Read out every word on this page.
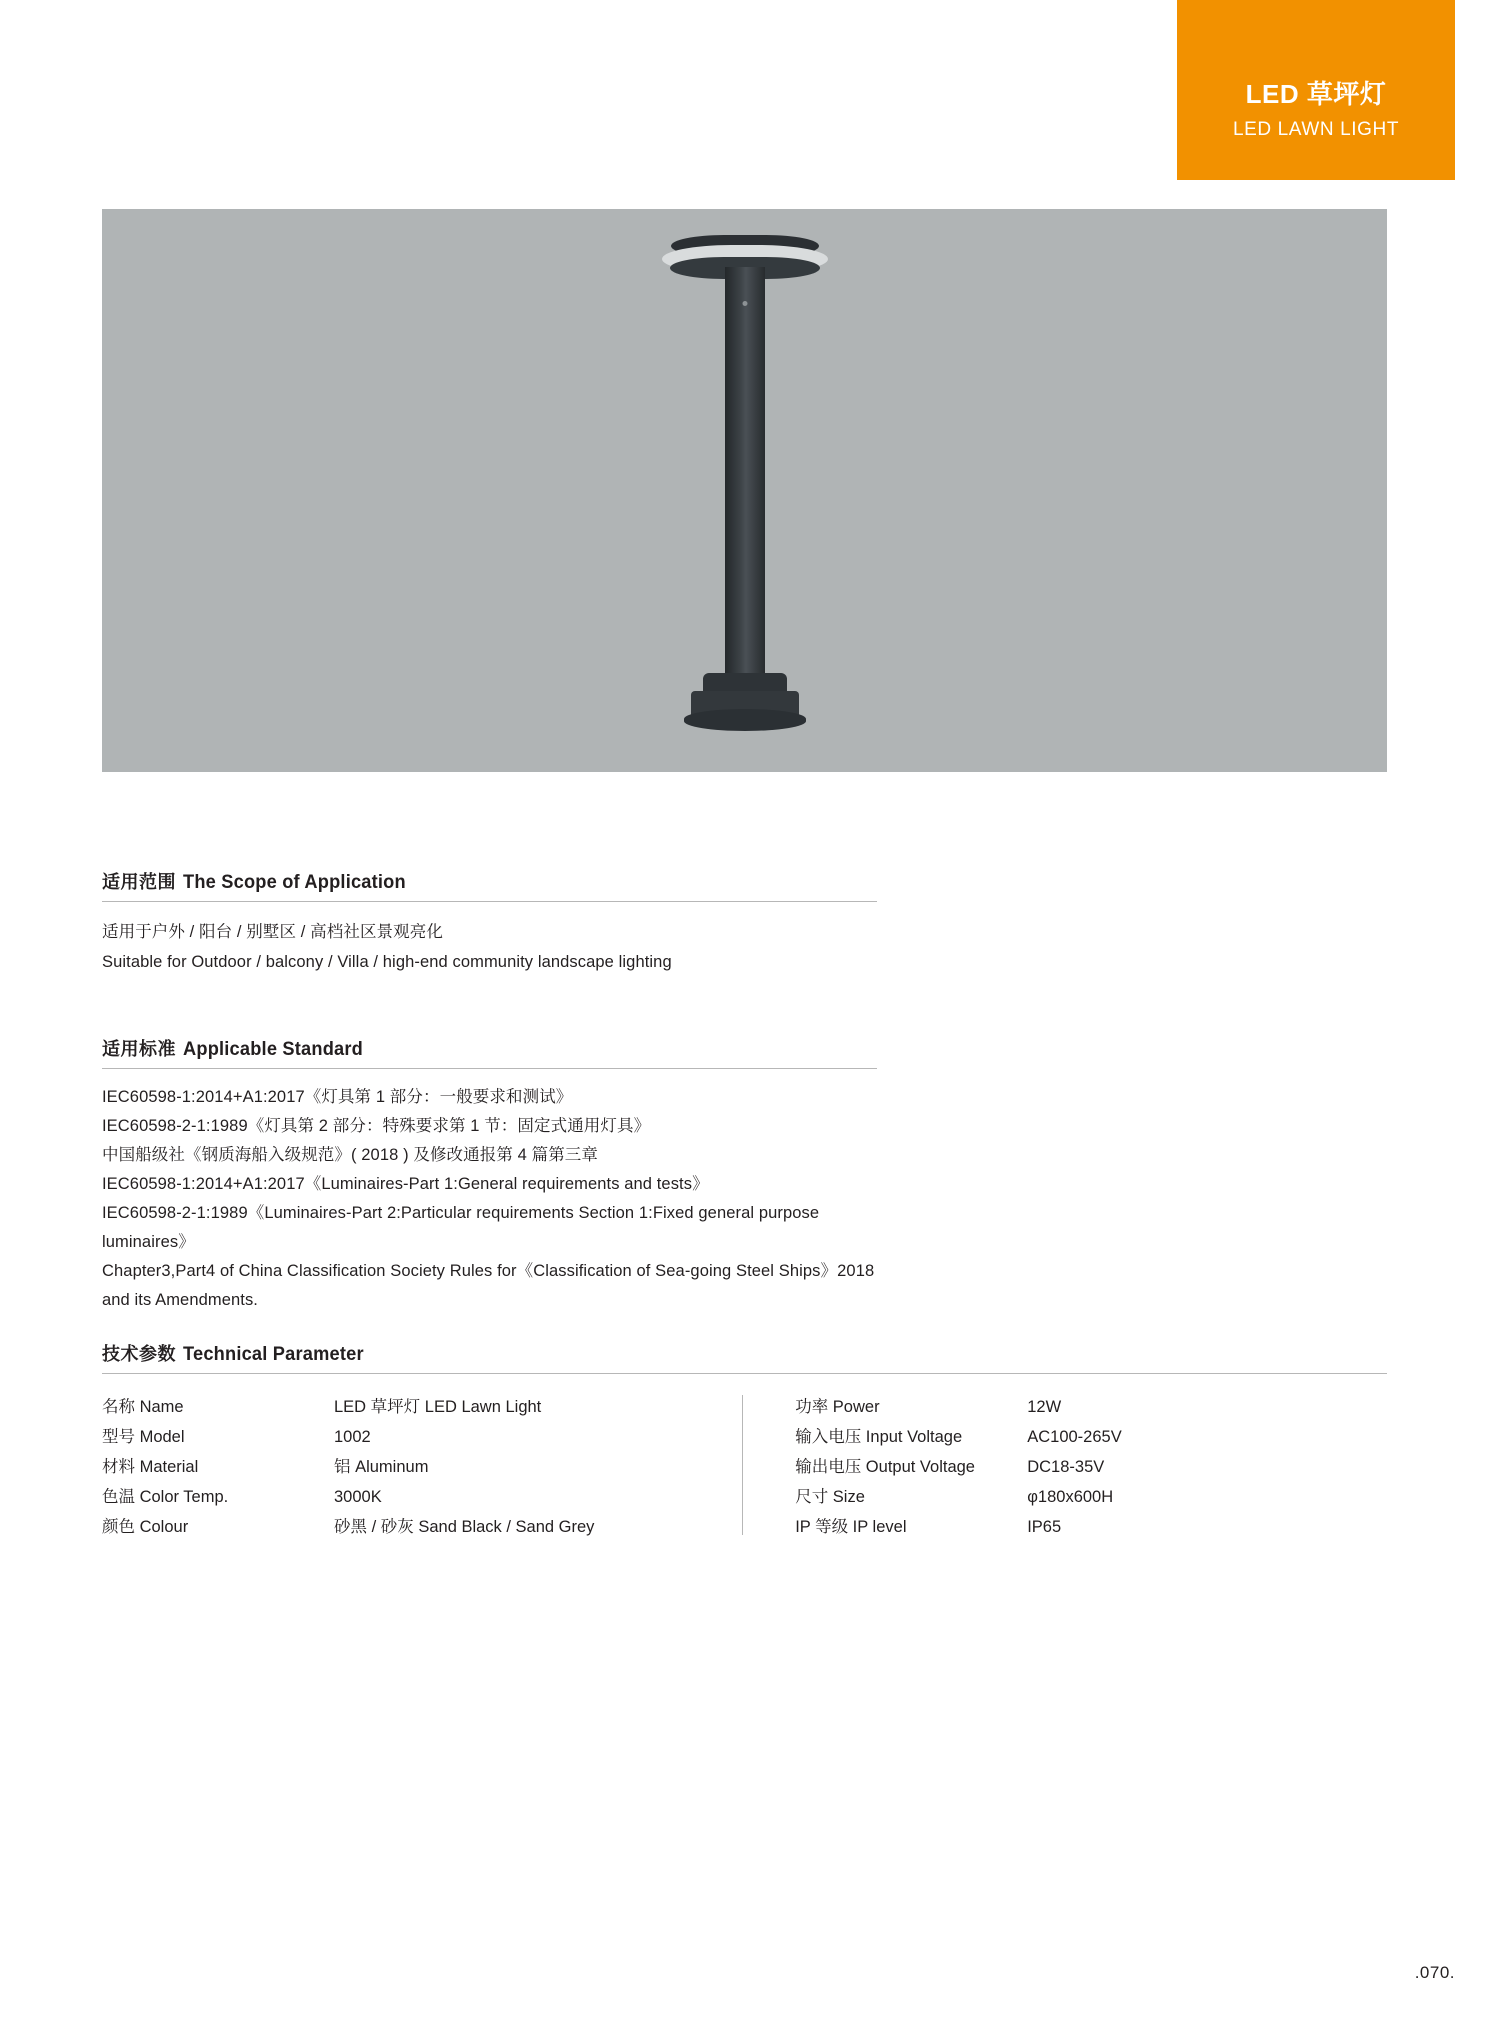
LED 草坪灯
LED LAWN LIGHT
适用范围 The Scope of Application
适用于户外 / 阳台 / 别墅区 / 高档社区景观亮化
Suitable for Outdoor / balcony / Villa / high-end community landscape lighting
适用标准 Applicable Standard
IEC60598-1:2014+A1:2017《灯具第 1 部分：一般要求和测试》
IEC60598-2-1:1989《灯具第 2 部分：特殊要求第 1 节：固定式通用灯具》
中国船级社《钢质海船入级规范》( 2018 ) 及修改通报第 4 篇第三章
IEC60598-1:2014+A1:2017《Luminaires-Part 1:General requirements and tests》
IEC60598-2-1:1989《Luminaires-Part 2:Particular requirements Section 1:Fixed general purpose luminaires》
Chapter3,Part4 of China Classification Society Rules for《Classification of Sea-going Steel Ships》2018 and its Amendments.
技术参数 Technical Parameter
名称 Name	LED 草坪灯 LED Lawn Light
型号 Model	1002
材料 Material	铝 Aluminum
色温 Color Temp.	3000K
颜色 Colour	砂黑 / 砂灰 Sand Black / Sand Grey
功率 Power	12W
输入电压 Input Voltage	AC100-265V
输出电压 Output Voltage	DC18-35V
尺寸 Size	φ180x600H
IP 等级 IP level	IP65
.070.
